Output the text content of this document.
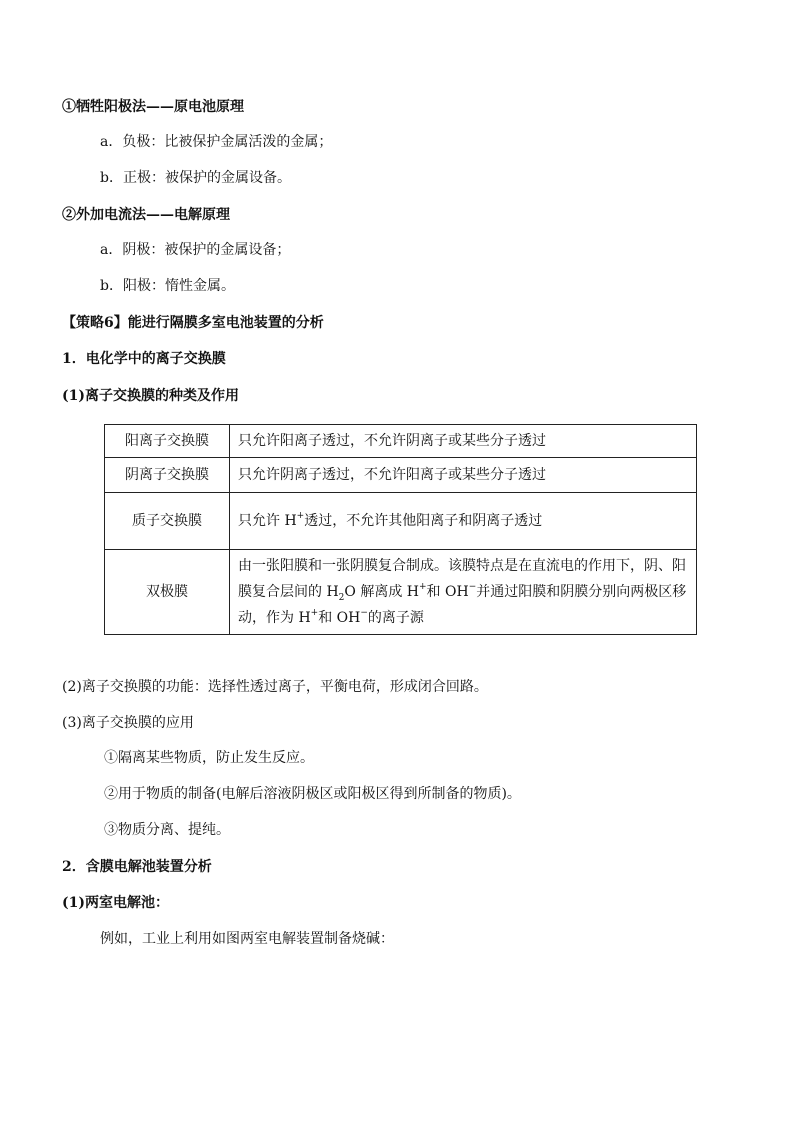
①牺牲阳极法——原电池原理
a．负极：比被保护金属活泼的金属；
b．正极：被保护的金属设备。
②外加电流法——电解原理
a．阴极：被保护的金属设备；
b．阳极：惰性金属。
【策略6】能进行隔膜多室电池装置的分析
1．电化学中的离子交换膜
(1)离子交换膜的种类及作用
阳离子交换膜	只允许阳离子透过，不允许阴离子或某些分子透过
阴离子交换膜	只允许阴离子透过，不允许阳离子或某些分子透过
质子交换膜	只允许 H+透过，不允许其他阳离子和阴离子透过
双极膜	由一张阳膜和一张阴膜复合制成。该膜特点是在直流电的作用下，阴、阳
膜复合层间的 $H_2O$ 解离成 H+和 OH−并通过阳膜和阴膜分别向两极区移
动，作为 H+和 OH−的离子源
(2)离子交换膜的功能：选择性透过离子，平衡电荷，形成闭合回路。
(3)离子交换膜的应用
①隔离某些物质，防止发生反应。
②用于物质的制备(电解后溶液阴极区或阳极区得到所制备的物质)。
③物质分离、提纯。
2．含膜电解池装置分析
(1)两室电解池：
例如，工业上利用如图两室电解装置制备烧碱：
